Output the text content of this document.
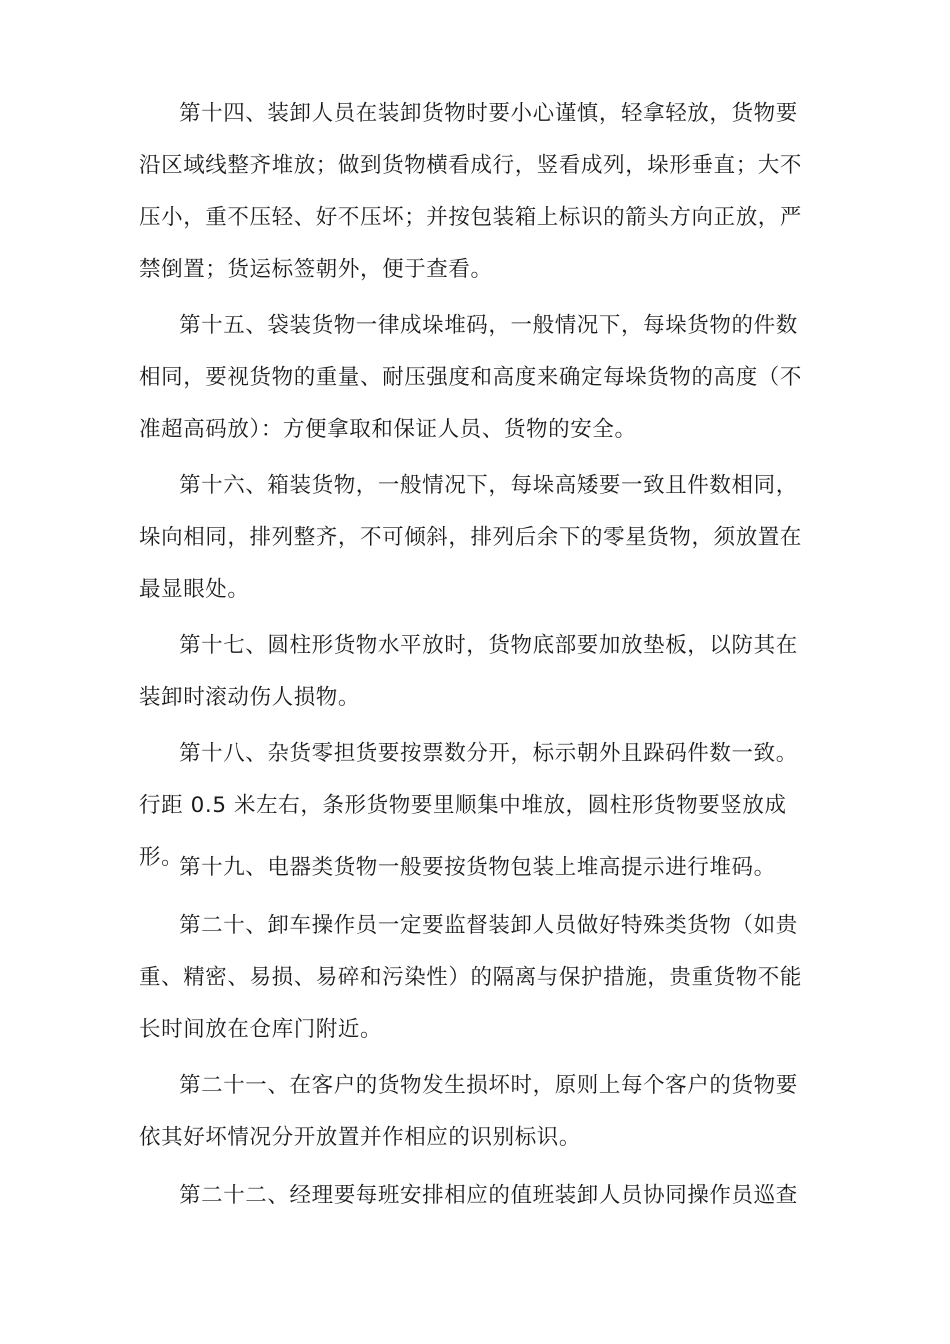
第十四、装卸人员在装卸货物时要小心谨慎，轻拿轻放，货物要沿区域线整齐堆放；做到货物横看成行，竖看成列，垛形垂直；大不压小，重不压轻、好不压坏；并按包装箱上标识的箭头方向正放，严禁倒置；货运标签朝外，便于查看。

第十五、袋装货物一律成垛堆码，一般情况下，每垛货物的件数相同，要视货物的重量、耐压强度和高度来确定每垛货物的高度（不准超高码放）：方便拿取和保证人员、货物的安全。

第十六、箱装货物，一般情况下，每垛高矮要一致且件数相同，垛向相同，排列整齐，不可倾斜，排列后余下的零星货物，须放置在最显眼处。

第十七、圆柱形货物水平放时，货物底部要加放垫板，以防其在装卸时滚动伤人损物。

第十八、杂货零担货要按票数分开，标示朝外且跺码件数一致。行距 0.5 米左右，条形货物要里顺集中堆放，圆柱形货物要竖放成形。

第十九、电器类货物一般要按货物包装上堆高提示进行堆码。

第二十、卸车操作员一定要监督装卸人员做好特殊类货物（如贵重、精密、易损、易碎和污染性）的隔离与保护措施，贵重货物不能长时间放在仓库门附近。

第二十一、在客户的货物发生损坏时，原则上每个客户的货物要依其好坏情况分开放置并作相应的识别标识。

第二十二、经理要每班安排相应的值班装卸人员协同操作员巡查
